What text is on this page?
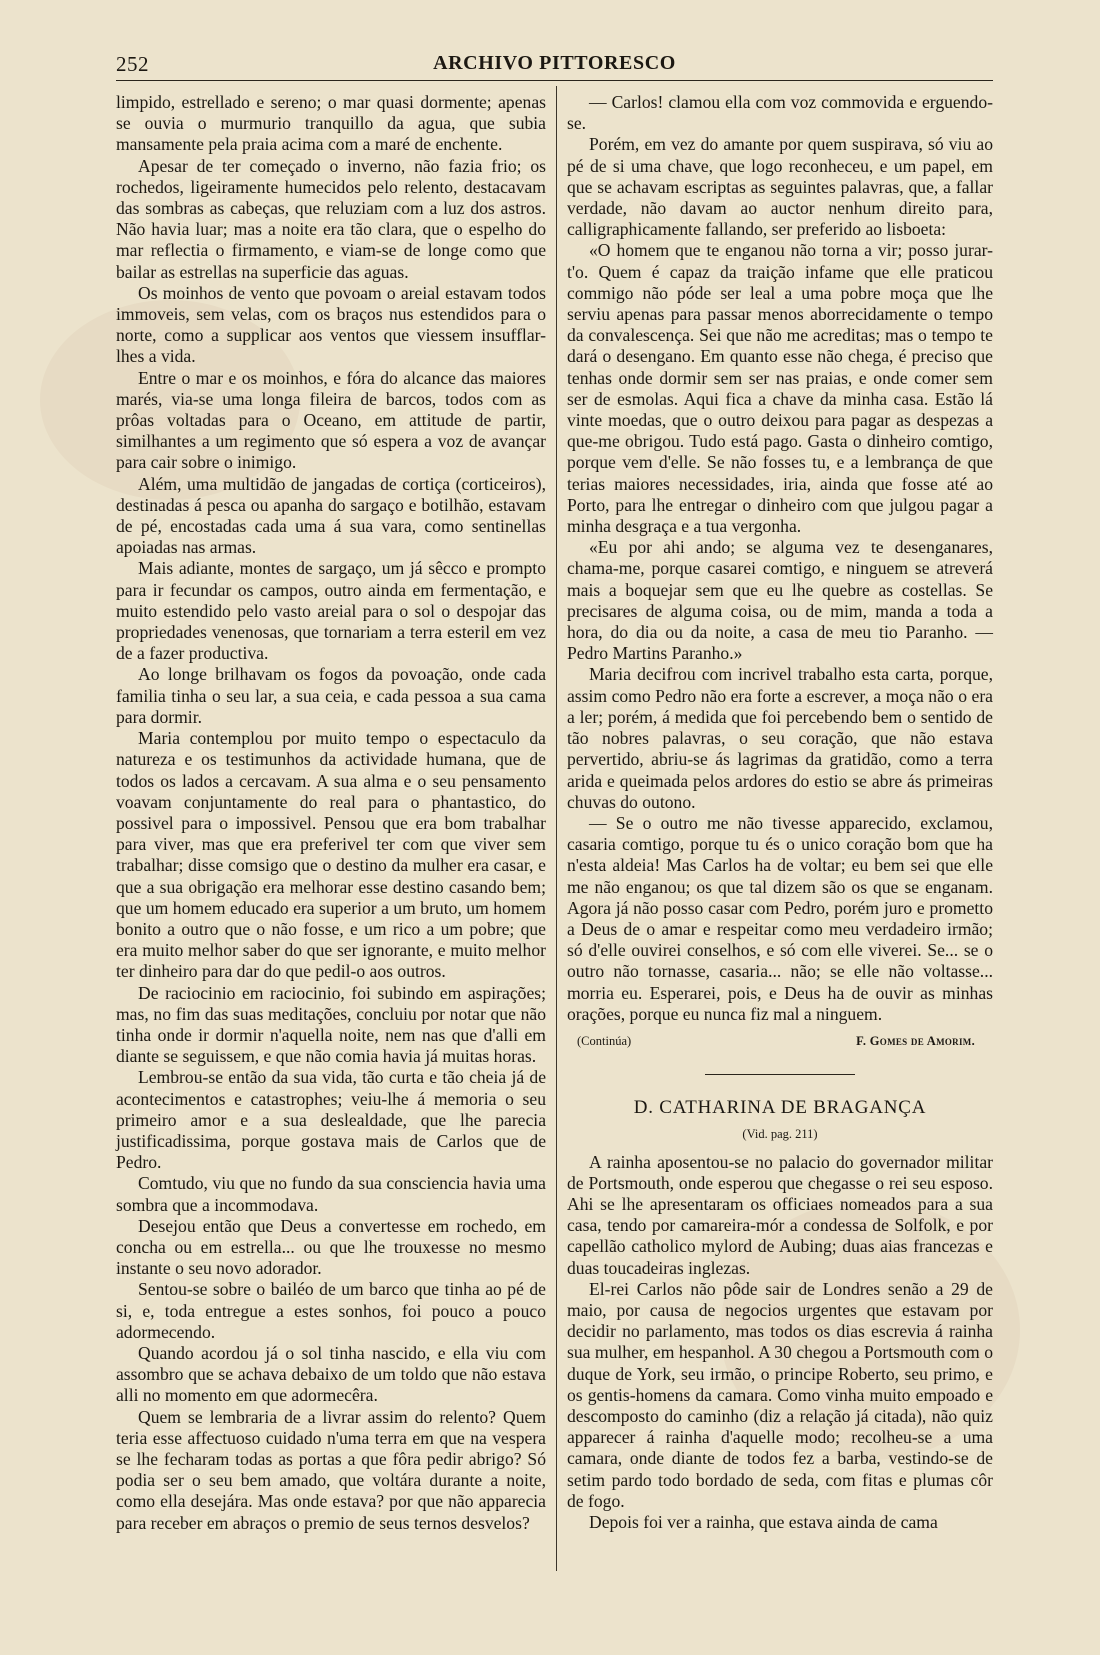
252	ARCHIVO PITTORESCO

limpido, estrellado e sereno; o mar quasi dormente; apenas se ouvia o murmurio tranquillo da agua, que subia mansamente pela praia acima com a maré de enchente.

Apesar de ter começado o inverno, não fazia frio; os rochedos, ligeiramente humecidos pelo relento, destacavam das sombras as cabeças, que reluziam com a luz dos astros. Não havia luar; mas a noite era tão clara, que o espelho do mar reflectia o firmamento, e viam-se de longe como que bailar as estrellas na superficie das aguas.

Os moinhos de vento que povoam o areial estavam todos immoveis, sem velas, com os braços nus estendidos para o norte, como a supplicar aos ventos que viessem insufflar-lhes a vida.

Entre o mar e os moinhos, e fóra do alcance das maiores marés, via-se uma longa fileira de barcos, todos com as prôas voltadas para o Oceano, em attitude de partir, similhantes a um regimento que só espera a voz de avançar para cair sobre o inimigo.

Além, uma multidão de jangadas de cortiça (corticeiros), destinadas á pesca ou apanha do sargaço e botilhão, estavam de pé, encostadas cada uma á sua vara, como sentinellas apoiadas nas armas.

Mais adiante, montes de sargaço, um já sêcco e prompto para ir fecundar os campos, outro ainda em fermentação, e muito estendido pelo vasto areial para o sol o despojar das propriedades venenosas, que tornariam a terra esteril em vez de a fazer productiva.

Ao longe brilhavam os fogos da povoação, onde cada familia tinha o seu lar, a sua ceia, e cada pessoa a sua cama para dormir.

Maria contemplou por muito tempo o espectaculo da natureza e os testimunhos da actividade humana, que de todos os lados a cercavam. A sua alma e o seu pensamento voavam conjuntamente do real para o phantastico, do possivel para o impossivel. Pensou que era bom trabalhar para viver, mas que era preferivel ter com que viver sem trabalhar; disse comsigo que o destino da mulher era casar, e que a sua obrigação era melhorar esse destino casando bem; que um homem educado era superior a um bruto, um homem bonito a outro que o não fosse, e um rico a um pobre; que era muito melhor saber do que ser ignorante, e muito melhor ter dinheiro para dar do que pedil-o aos outros.

De raciocinio em raciocinio, foi subindo em aspirações; mas, no fim das suas meditações, concluiu por notar que não tinha onde ir dormir n'aquella noite, nem nas que d'alli em diante se seguissem, e que não comia havia já muitas horas.

Lembrou-se então da sua vida, tão curta e tão cheia já de acontecimentos e catastrophes; veiu-lhe á memoria o seu primeiro amor e a sua deslealdade, que lhe parecia justificadissima, porque gostava mais de Carlos que de Pedro.

Comtudo, viu que no fundo da sua consciencia havia uma sombra que a incommodava.

Desejou então que Deus a convertesse em rochedo, em concha ou em estrella... ou que lhe trouxesse no mesmo instante o seu novo adorador.

Sentou-se sobre o bailéo de um barco que tinha ao pé de si, e, toda entregue a estes sonhos, foi pouco a pouco adormecendo.

Quando acordou já o sol tinha nascido, e ella viu com assombro que se achava debaixo de um toldo que não estava alli no momento em que adormecêra.

Quem se lembraria de a livrar assim do relento? Quem teria esse affectuoso cuidado n'uma terra em que na vespera se lhe fecharam todas as portas a que fôra pedir abrigo? Só podia ser o seu bem amado, que voltára durante a noite, como ella desejára. Mas onde estava? por que não apparecia para receber em abraços o premio de seus ternos desvelos?

— Carlos! clamou ella com voz commovida e erguendo-se.

Porém, em vez do amante por quem suspirava, só viu ao pé de si uma chave, que logo reconheceu, e um papel, em que se achavam escriptas as seguintes palavras, que, a fallar verdade, não davam ao auctor nenhum direito para, calligraphicamente fallando, ser preferido ao lisboeta:

«O homem que te enganou não torna a vir; posso jurar-t'o. Quem é capaz da traição infame que elle praticou commigo não póde ser leal a uma pobre moça que lhe serviu apenas para passar menos aborrecidamente o tempo da convalescença. Sei que não me acreditas; mas o tempo te dará o desengano. Em quanto esse não chega, é preciso que tenhas onde dormir sem ser nas praias, e onde comer sem ser de esmolas. Aqui fica a chave da minha casa. Estão lá vinte moedas, que o outro deixou para pagar as despezas a que-me obrigou. Tudo está pago. Gasta o dinheiro comtigo, porque vem d'elle. Se não fosses tu, e a lembrança de que terias maiores necessidades, iria, ainda que fosse até ao Porto, para lhe entregar o dinheiro com que julgou pagar a minha desgraça e a tua vergonha.

«Eu por ahi ando; se alguma vez te desenganares, chama-me, porque casarei comtigo, e ninguem se atreverá mais a boquejar sem que eu lhe quebre as costellas. Se precisares de alguma coisa, ou de mim, manda a toda a hora, do dia ou da noite, a casa de meu tio Paranho. — Pedro Martins Paranho.»

Maria decifrou com incrivel trabalho esta carta, porque, assim como Pedro não era forte a escrever, a moça não o era a ler; porém, á medida que foi percebendo bem o sentido de tão nobres palavras, o seu coração, que não estava pervertido, abriu-se ás lagrimas da gratidão, como a terra arida e queimada pelos ardores do estio se abre ás primeiras chuvas do outono.

— Se o outro me não tivesse apparecido, exclamou, casaria comtigo, porque tu és o unico coração bom que ha n'esta aldeia! Mas Carlos ha de voltar; eu bem sei que elle me não enganou; os que tal dizem são os que se enganam. Agora já não posso casar com Pedro, porém juro e prometto a Deus de o amar e respeitar como meu verdadeiro irmão; só d'elle ouvirei conselhos, e só com elle viverei. Se... se o outro não tornasse, casaria... não; se elle não voltasse... morria eu. Esperarei, pois, e Deus ha de ouvir as minhas orações, porque eu nunca fiz mal a ninguem.

(Continúa)	F. Gomes de Amorim.
D. CATHARINA DE BRAGANÇA
(Vid. pag. 211)

A rainha aposentou-se no palacio do governador militar de Portsmouth, onde esperou que chegasse o rei seu esposo. Ahi se lhe apresentaram os officiaes nomeados para a sua casa, tendo por camareira-mór a condessa de Solfolk, e por capellão catholico mylord de Aubing; duas aias francezas e duas toucadeiras inglezas.

El-rei Carlos não pôde sair de Londres senão a 29 de maio, por causa de negocios urgentes que estavam por decidir no parlamento, mas todos os dias escrevia á rainha sua mulher, em hespanhol. A 30 chegou a Portsmouth com o duque de York, seu irmão, o principe Roberto, seu primo, e os gentis-homens da camara. Como vinha muito empoado e descomposto do caminho (diz a relação já citada), não quiz apparecer á rainha d'aquelle modo; recolheu-se a uma camara, onde diante de todos fez a barba, vestindo-se de setim pardo todo bordado de seda, com fitas e plumas côr de fogo.

Depois foi ver a rainha, que estava ainda de cama
